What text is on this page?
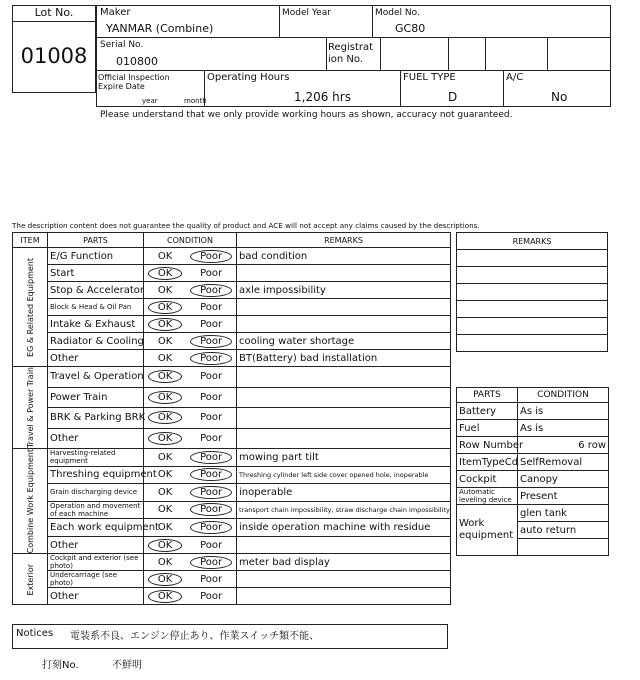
Lot No.
01008
Maker
YANMAR (Combine)
Model Year	Model No.
GC80
Serial No.
010800
Registrat
ion No.
Official Inspection
Expire Date
year	month
Operating Hours
1,206 hrs
FUEL TYPE
D
A/C
No
Please understand that we only provide working hours as shown, accuracy not guaranteed.
The description content does not guarantee the quality of product and ACE will not accept any claims caused by the descriptions.
ITEM	PARTS	CONDITION	REMARKS

EG & Related Equipment	E/G Function	OK Poor	bad condition
	Start	OK Poor	

	Stop & Accelerator	OK Poor	axle impossibility
	Block & Head & Oil Pan	OK Poor	

	Intake & Exhaust	OK Poor	

	Radiator & Cooling	OK Poor	cooling water shortage
	Other	OK Poor	BT(Battery) bad installation

Travel & Power Train	Travel & Operation	OK Poor	

	Power Train	OK Poor	

	BRK & Parking BRK	OK Poor	

	Other	OK Poor	

Combine Work Equipment	Harvesting-related equipment	OK Poor	mowing part tilt
	Threshing equipment	OK Poor	Threshing cylinder left side cover opened hole, inoperable
	Grain discharging device	OK Poor	inoperable
	Operation and movement of each machine	OK Poor	transport chain impossibility, straw discharge chain impossibility
	Each work equipment	OK Poor	inside operation machine with residue
	Other	OK Poor	

Exterior	Cockpit and exterior (see photo)	OK Poor	meter bad display
	Undercarriage (see photo)	OK Poor	

	Other	OK Poor	

REMARKS

PARTS	CONDITION
Battery	As is
Fuel	As is
Row Number	6 row
ItemTypeCd	SelfRemoval
Cockpit	Canopy
Automatic leveling device	Present
Work equipment	glen tank
	auto return

Notices 電装系不良、エンジン停止あり、作業スイッチ類不能、
打刻No.	不鮮明
